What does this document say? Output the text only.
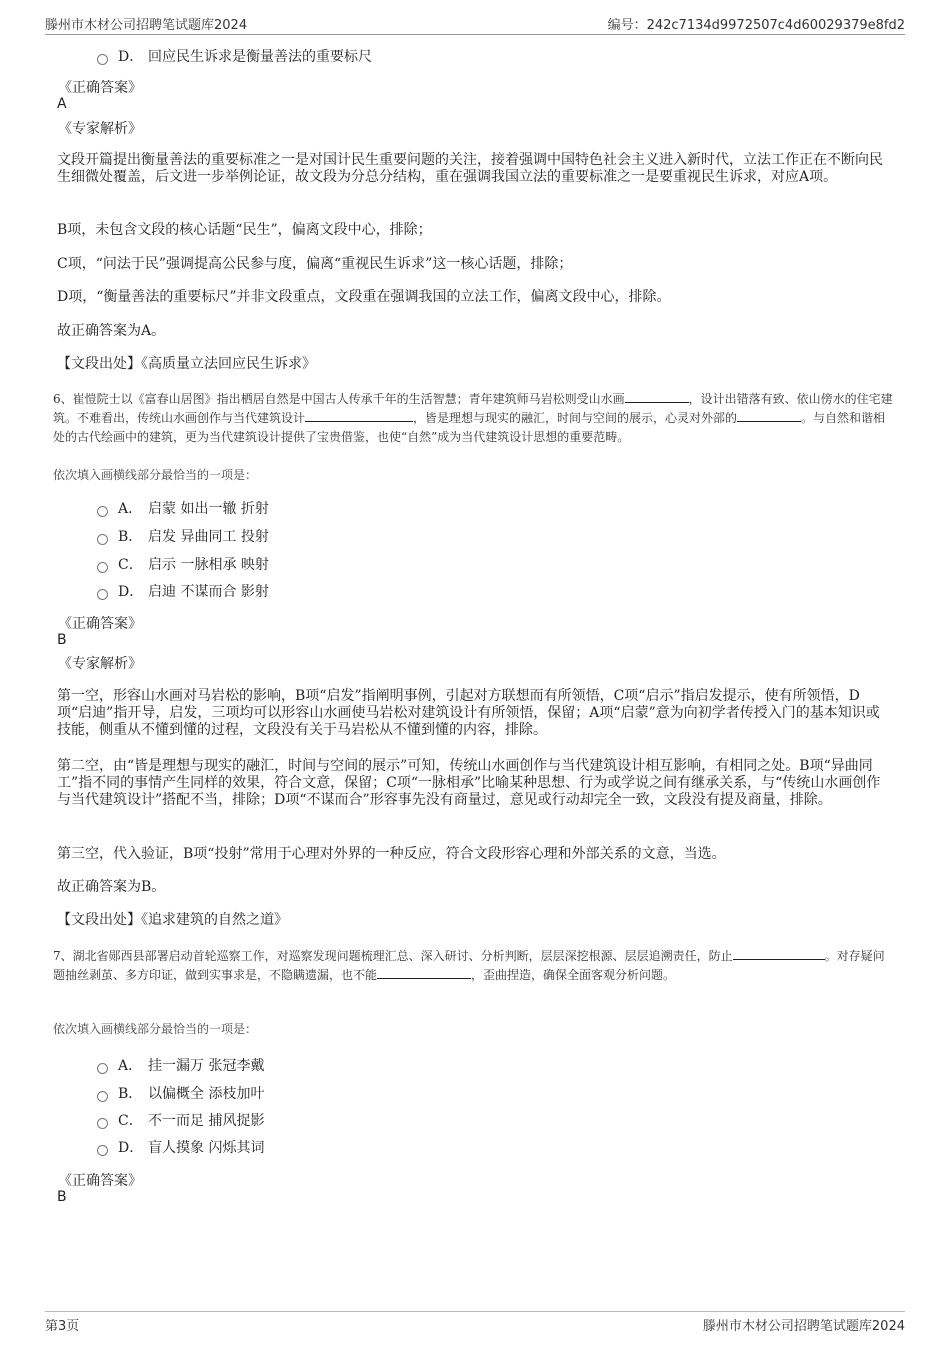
滕州市木材公司招聘笔试题库2024	编号：242c7134d9972507c4d60029379e8fd2
D． 回应民生诉求是衡量善法的重要标尺
《正确答案》
A
《专家解析》
文段开篇提出衡量善法的重要标准之一是对国计民生重要问题的关注，接着强调中国特色社会主义进入新时代，立法工作正在不断向民生细微处覆盖，后文进一步举例论证，故文段为分总分结构，重在强调我国立法的重要标准之一是要重视民生诉求，对应A项。
B项，未包含文段的核心话题“民生”，偏离文段中心，排除；
C项，“问法于民”强调提高公民参与度，偏离“重视民生诉求”这一核心话题，排除；
D项，“衡量善法的重要标尺”并非文段重点，文段重在强调我国的立法工作，偏离文段中心，排除。
故正确答案为A。
【文段出处】《高质量立法回应民生诉求》
6、崔愷院士以《富春山居图》指出栖居自然是中国古人传承千年的生活智慧；青年建筑师马岩松则受山水画	，设计出错落有致、依山傍水的住宅建筑。不难看出，传统山水画创作与当代建筑设计	，皆是理想与现实的融汇，时间与空间的展示，心灵对外部的	。与自然和谐相处的古代绘画中的建筑，更为当代建筑设计提供了宝贵借鉴，也使“自然”成为当代建筑设计思想的重要范畴。
依次填入画横线部分最恰当的一项是：
A． 启蒙 如出一辙 折射
B． 启发 异曲同工 投射
C． 启示 一脉相承 映射
D． 启迪 不谋而合 影射
《正确答案》
B
《专家解析》
第一空，形容山水画对马岩松的影响，B项“启发”指阐明事例，引起对方联想而有所领悟，C项“启示”指启发提示，使有所领悟，D项“启迪”指开导，启发，三项均可以形容山水画使马岩松对建筑设计有所领悟，保留；A项“启蒙”意为向初学者传授入门的基本知识或技能，侧重从不懂到懂的过程，文段没有关于马岩松从不懂到懂的内容，排除。
第二空，由“皆是理想与现实的融汇，时间与空间的展示”可知，传统山水画创作与当代建筑设计相互影响，有相同之处。B项“异曲同工”指不同的事情产生同样的效果，符合文意，保留；C项“一脉相承”比喻某种思想、行为或学说之间有继承关系，与“传统山水画创作与当代建筑设计”搭配不当，排除；D项“不谋而合”形容事先没有商量过，意见或行动却完全一致，文段没有提及商量，排除。
第三空，代入验证，B项“投射”常用于心理对外界的一种反应，符合文段形容心理和外部关系的文意，当选。
故正确答案为B。
【文段出处】《追求建筑的自然之道》
7、湖北省郧西县部署启动首轮巡察工作，对巡察发现问题梳理汇总、深入研讨、分析判断，层层深挖根源、层层追溯责任，防止	。对存疑问题抽丝剥茧、多方印证，做到实事求是，不隐瞒遗漏，也不能	，歪曲捏造，确保全面客观分析问题。
依次填入画横线部分最恰当的一项是：
A． 挂一漏万 张冠李戴
B． 以偏概全 添枝加叶
C． 不一而足 捕风捉影
D． 盲人摸象 闪烁其词
《正确答案》
B
第3页	滕州市木材公司招聘笔试题库2024
